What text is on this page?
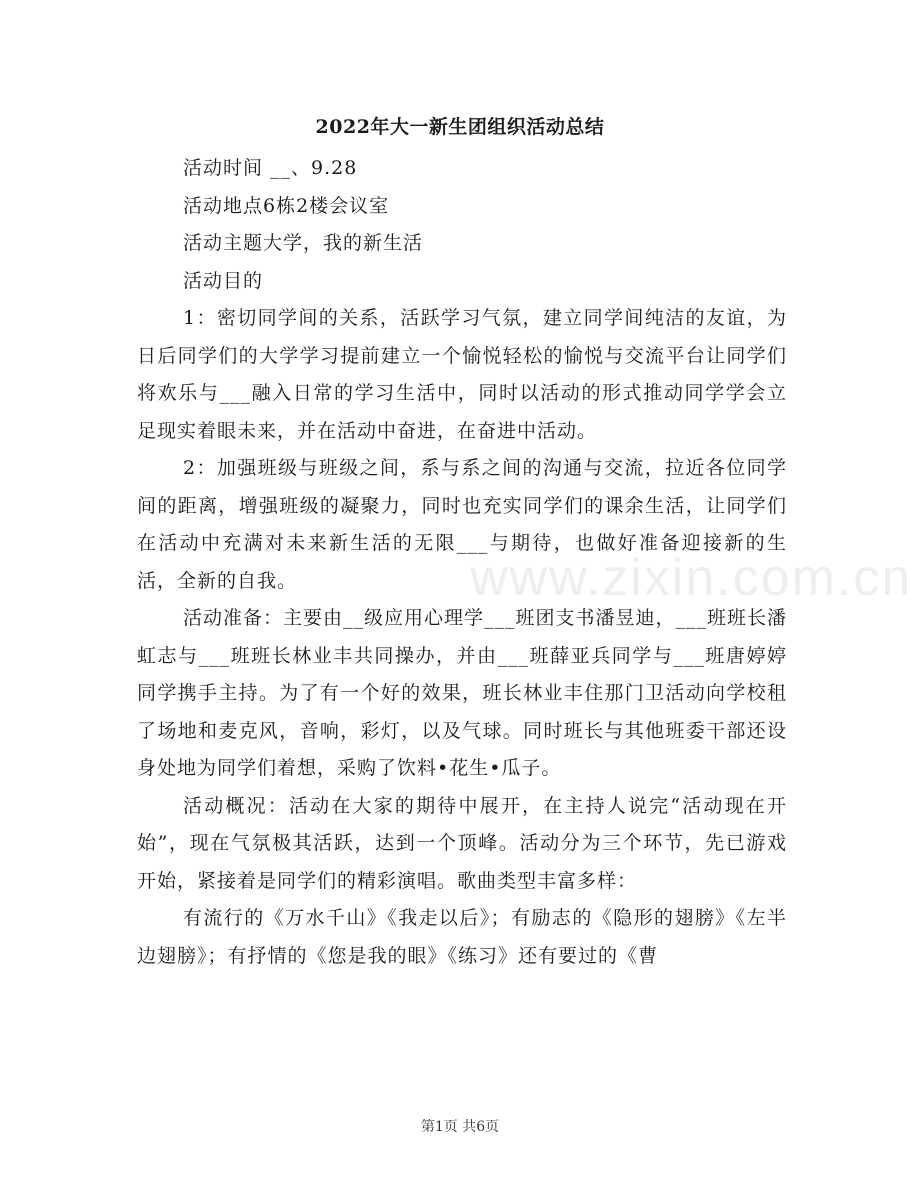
www.zixin.com.cn
2022年大一新生团组织活动总结

活动时间 __、9.28

活动地点6栋2楼会议室

活动主题大学，我的新生活

活动目的

1：密切同学间的关系，活跃学习气氛，建立同学间纯洁的友谊，为日后同学们的大学学习提前建立一个愉悦轻松的愉悦与交流平台让同学们将欢乐与___融入日常的学习生活中，同时以活动的形式推动同学学会立足现实着眼未来，并在活动中奋进，在奋进中活动。

2：加强班级与班级之间，系与系之间的沟通与交流，拉近各位同学间的距离，增强班级的凝聚力，同时也充实同学们的课余生活，让同学们在活动中充满对未来新生活的无限___与期待，也做好准备迎接新的生活，全新的自我。

活动准备：主要由__级应用心理学___班团支书潘昱迪，___班班长潘虹志与___班班长林业丰共同操办，并由___班薛亚兵同学与___班唐婷婷同学携手主持。为了有一个好的效果，班长林业丰住那门卫活动向学校租了场地和麦克风，音响，彩灯，以及气球。同时班长与其他班委干部还设身处地为同学们着想，采购了饮料•花生•瓜子。

活动概况：活动在大家的期待中展开，在主持人说完“活动现在开始”，现在气氛极其活跃，达到一个顶峰。活动分为三个环节，先已游戏开始，紧接着是同学们的精彩演唱。歌曲类型丰富多样：

有流行的《万水千山》《我走以后》；有励志的《隐形的翅膀》《左半边翅膀》；有抒情的《您是我的眼》《练习》还有要过的《曹

第1页 共6页
